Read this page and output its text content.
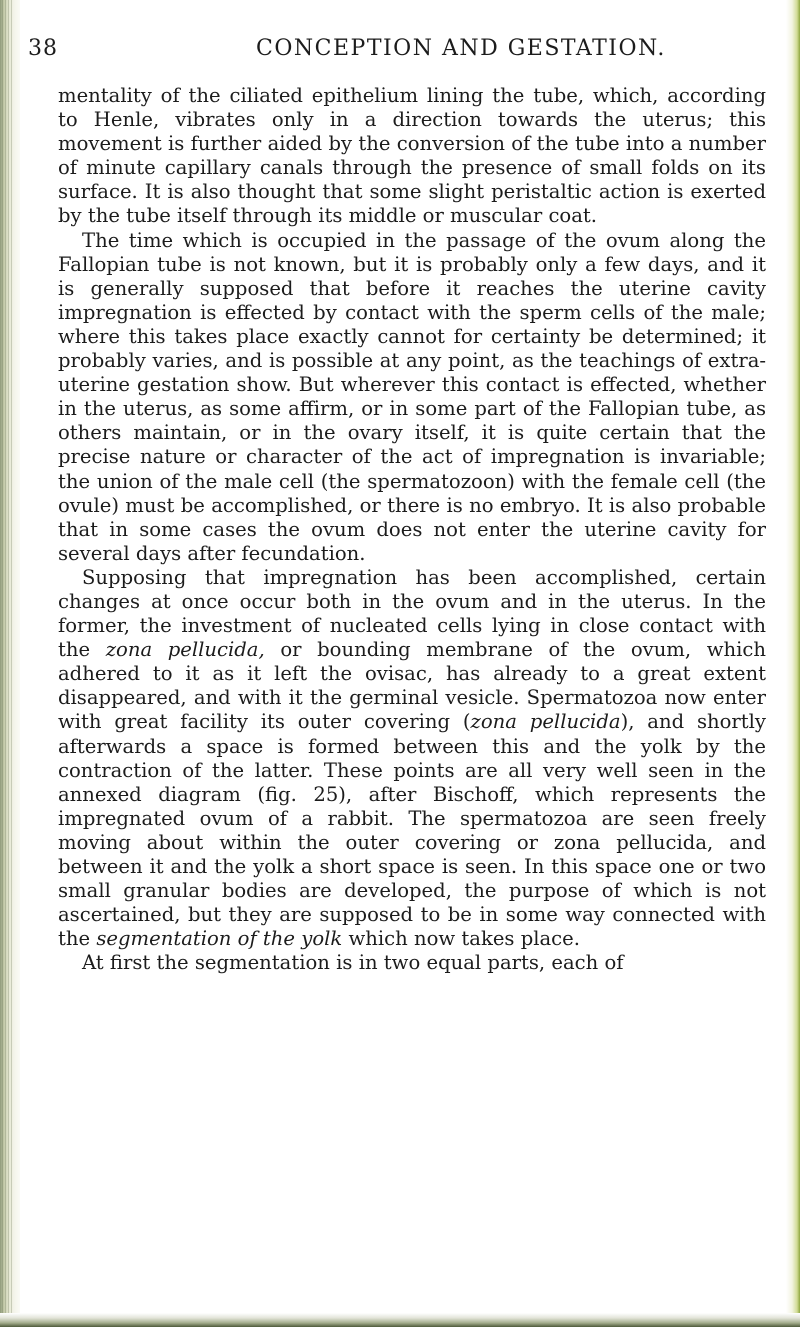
38	CONCEPTION AND GESTATION.

mentality of the ciliated epithelium lining the tube, which, according to Henle, vibrates only in a direction towards the uterus; this movement is further aided by the conversion of the tube into a number of minute capillary canals through the presence of small folds on its surface. It is also thought that some slight peristaltic action is exerted by the tube itself through its middle or muscular coat.

The time which is occupied in the passage of the ovum along the Fallopian tube is not known, but it is probably only a few days, and it is generally supposed that before it reaches the uterine cavity impregnation is effected by contact with the sperm cells of the male; where this takes place exactly cannot for certainty be determined; it probably varies, and is possible at any point, as the teachings of extra-uterine gestation show. But wherever this contact is effected, whether in the uterus, as some affirm, or in some part of the Fallopian tube, as others maintain, or in the ovary itself, it is quite certain that the precise nature or character of the act of impregnation is invariable; the union of the male cell (the spermatozoon) with the female cell (the ovule) must be accomplished, or there is no embryo. It is also probable that in some cases the ovum does not enter the uterine cavity for several days after fecundation.

Supposing that impregnation has been accomplished, certain changes at once occur both in the ovum and in the uterus. In the former, the investment of nucleated cells lying in close contact with the zona pellucida, or bounding membrane of the ovum, which adhered to it as it left the ovisac, has already to a great extent disappeared, and with it the germinal vesicle. Spermatozoa now enter with great facility its outer covering (zona pellucida), and shortly afterwards a space is formed between this and the yolk by the contraction of the latter. These points are all very well seen in the annexed diagram (fig. 25), after Bischoff, which represents the impregnated ovum of a rabbit. The spermatozoa are seen freely moving about within the outer covering or zona pellucida, and between it and the yolk a short space is seen. In this space one or two small granular bodies are developed, the purpose of which is not ascertained, but they are supposed to be in some way connected with the segmentation of the yolk which now takes place.

At first the segmentation is in two equal parts, each of
